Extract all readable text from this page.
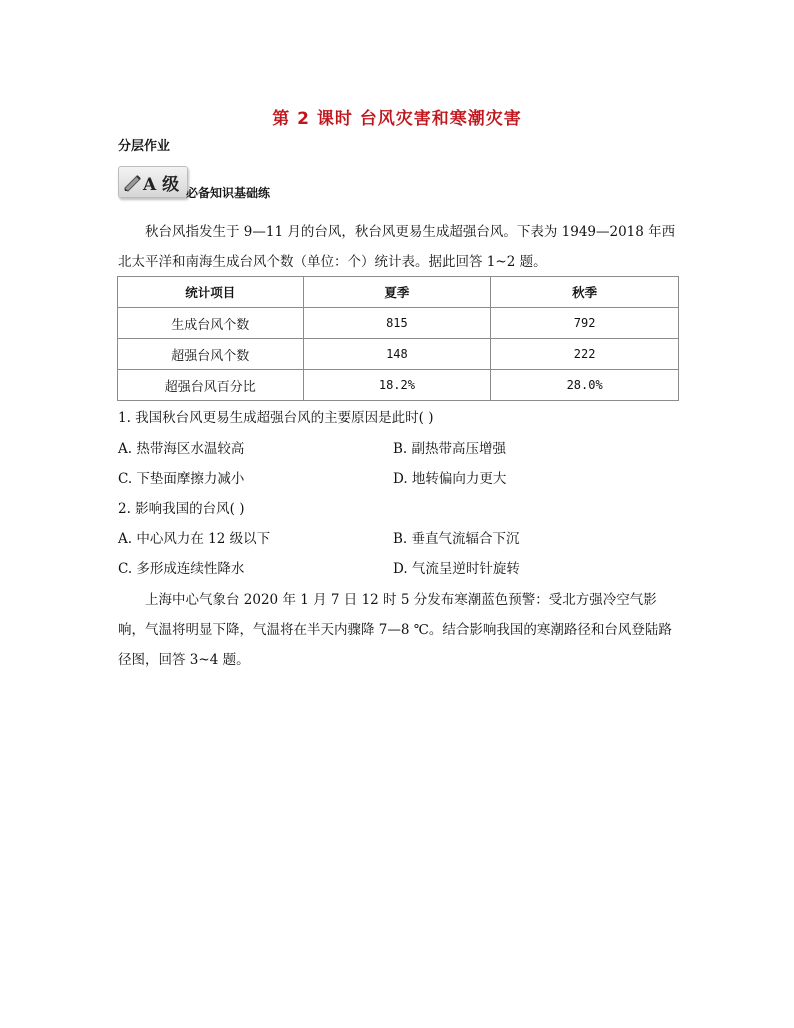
第 2 课时 台风灾害和寒潮灾害
分层作业
A 级 必备知识基础练
秋台风指发生于 9—11 月的台风，秋台风更易生成超强台风。下表为 1949—2018 年西北太平洋和南海生成台风个数（单位：个）统计表。据此回答 1~2 题。
统计项目	夏季	秋季
生成台风个数	815	792
超强台风个数	148	222
超强台风百分比	18.2%	28.0%
1. 我国秋台风更易生成超强台风的主要原因是此时( )
A. 热带海区水温较高	B. 副热带高压增强
C. 下垫面摩擦力减小	D. 地转偏向力更大
2. 影响我国的台风( )
A. 中心风力在 12 级以下	B. 垂直气流辐合下沉
C. 多形成连续性降水	D. 气流呈逆时针旋转
上海中心气象台 2020 年 1 月 7 日 12 时 5 分发布寒潮蓝色预警：受北方强冷空气影响，气温将明显下降，气温将在半天内骤降 7—8 ℃。结合影响我国的寒潮路径和台风登陆路径图，回答 3~4 题。
